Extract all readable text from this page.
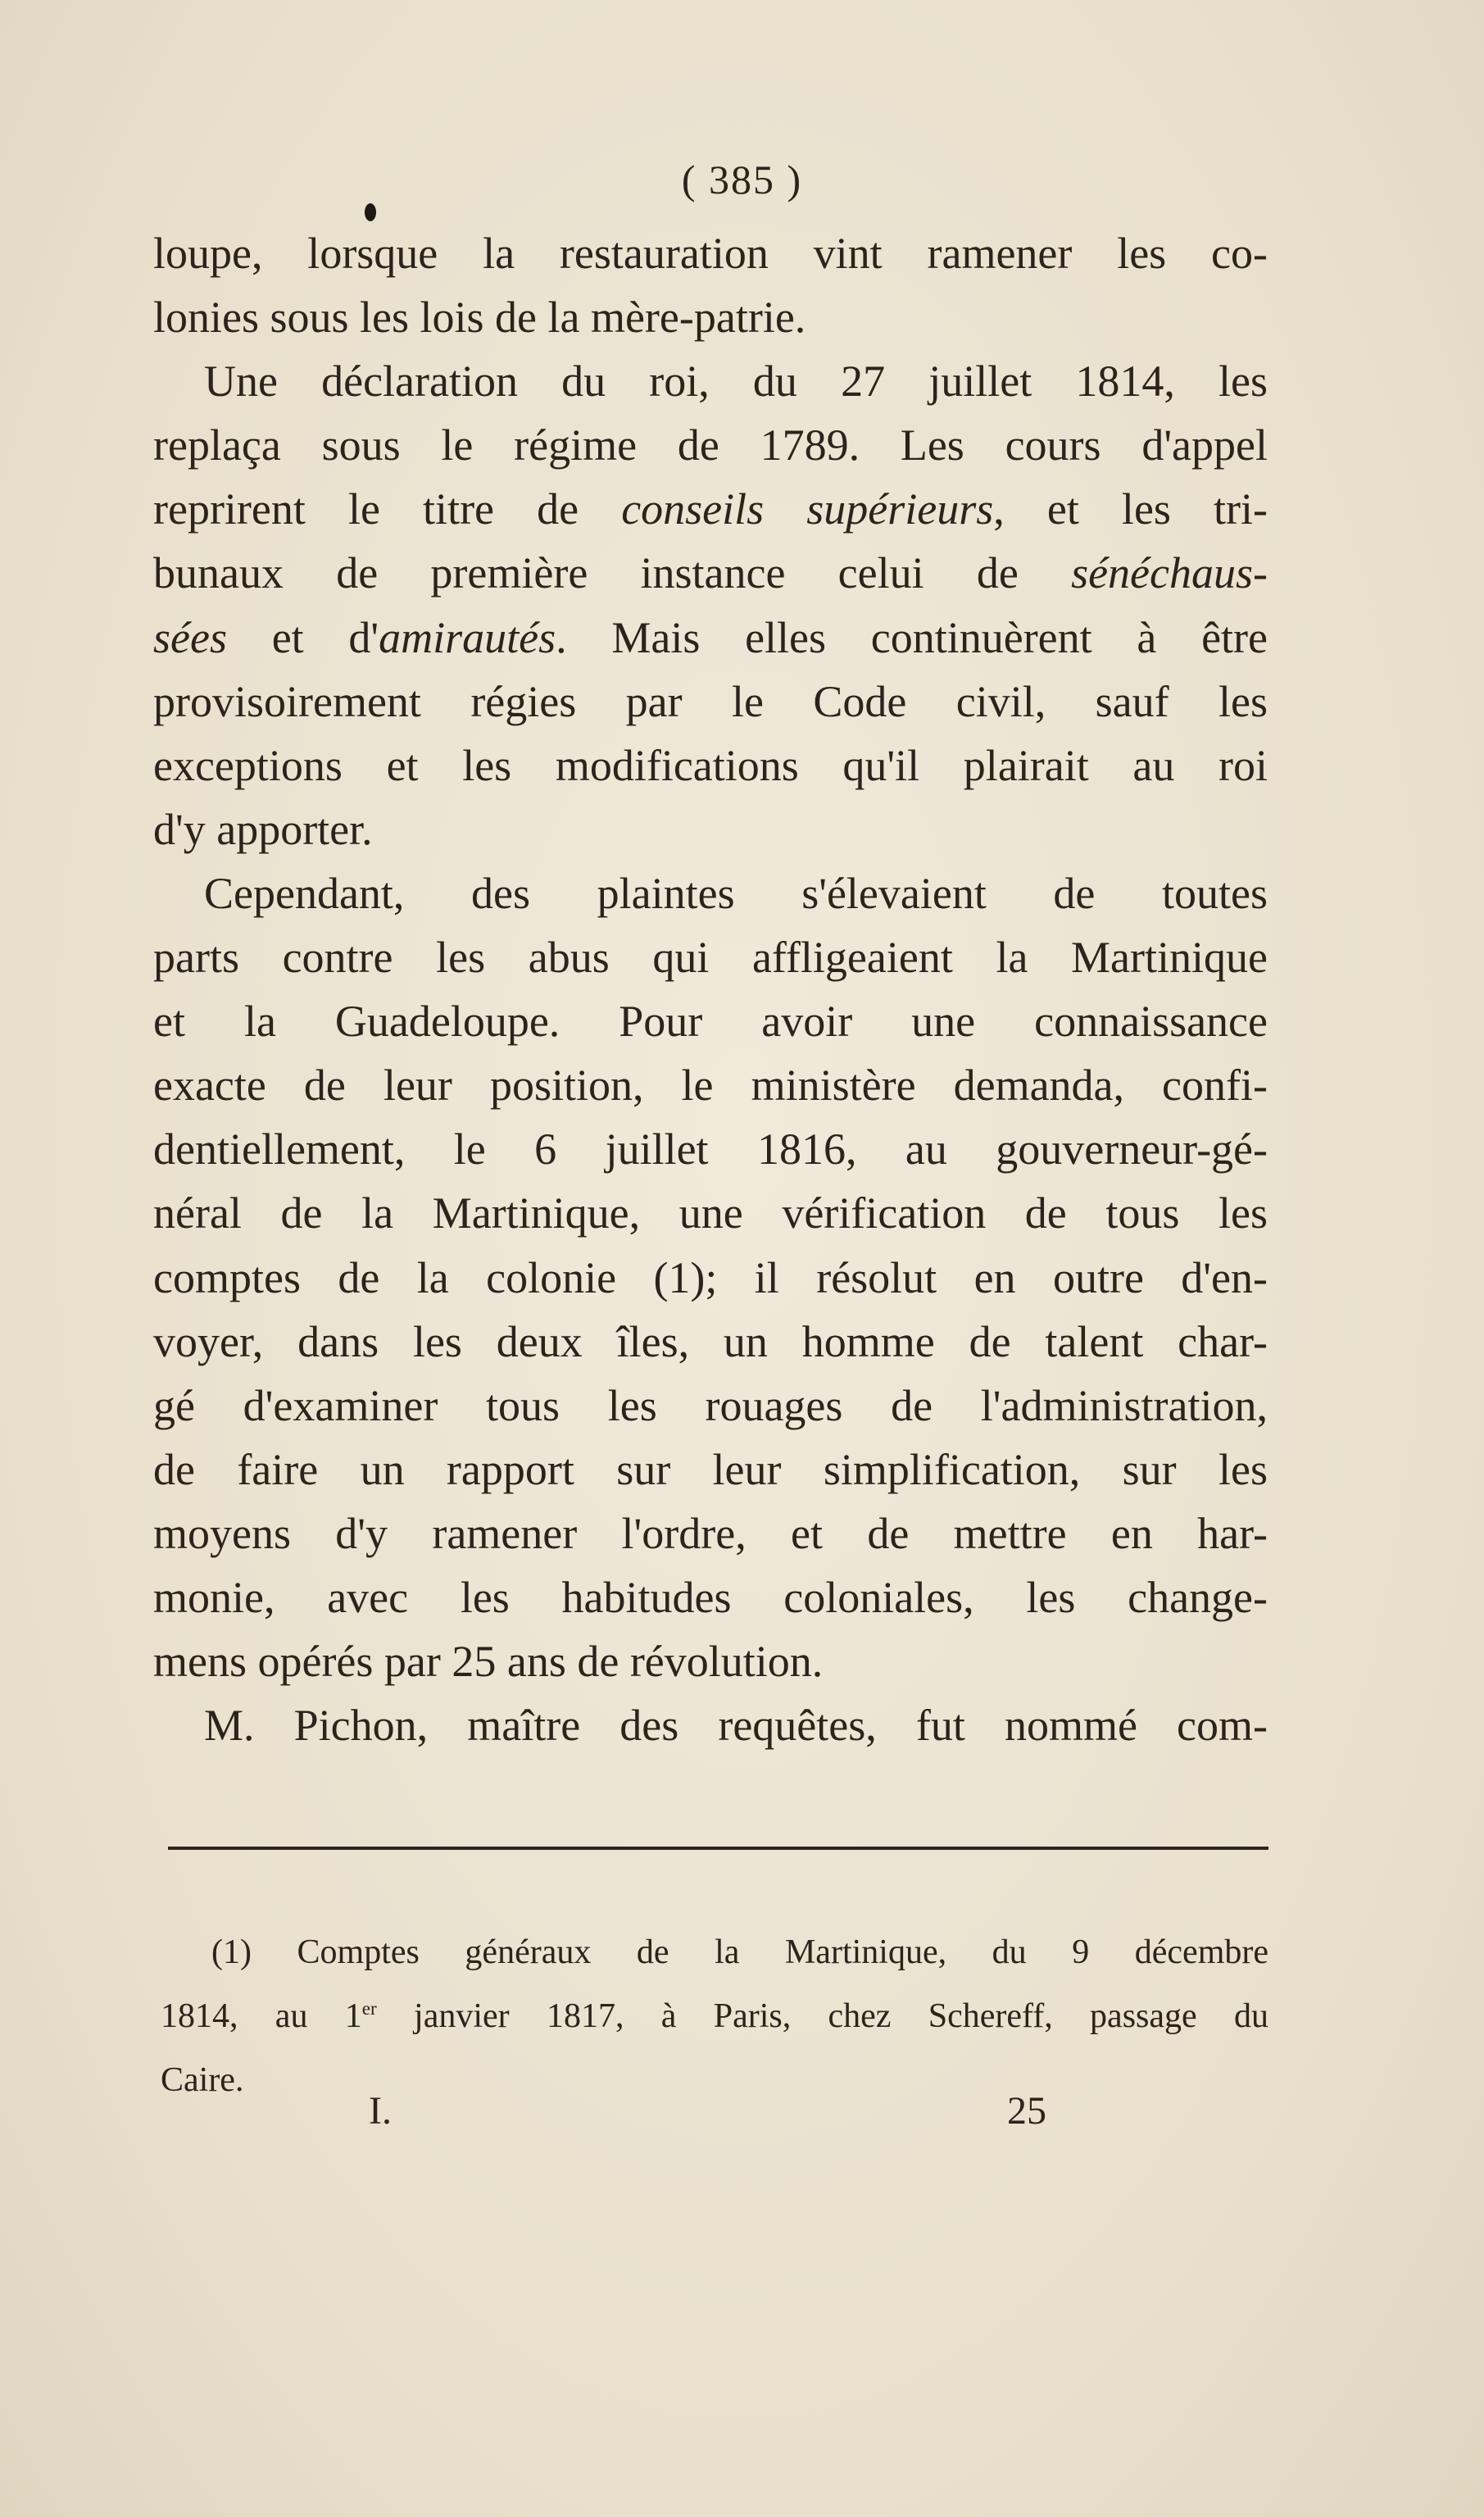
( 385 )
loupe, lorsque la restauration vint ramener les co-
lonies sous les lois de la mère-patrie.
Une déclaration du roi, du 27 juillet 1814, les
replaça sous le régime de 1789. Les cours d'appel
reprirent le titre de conseils supérieurs, et les tri-
bunaux de première instance celui de sénéchaus-
sées et d'amirautés. Mais elles continuèrent à être
provisoirement régies par le Code civil, sauf les
exceptions et les modifications qu'il plairait au roi
d'y apporter.
Cependant, des plaintes s'élevaient de toutes
parts contre les abus qui affligeaient la Martinique
et la Guadeloupe. Pour avoir une connaissance
exacte de leur position, le ministère demanda, confi-
dentiellement, le 6 juillet 1816, au gouverneur-gé-
néral de la Martinique, une vérification de tous les
comptes de la colonie (1); il résolut en outre d'en-
voyer, dans les deux îles, un homme de talent char-
gé d'examiner tous les rouages de l'administration,
de faire un rapport sur leur simplification, sur les
moyens d'y ramener l'ordre, et de mettre en har-
monie, avec les habitudes coloniales, les change-
mens opérés par 25 ans de révolution.
M. Pichon, maître des requêtes, fut nommé com-
(1) Comptes généraux de la Martinique, du 9 décembre
1814, au 1er janvier 1817, à Paris, chez Schereff, passage du
Caire.
I.	25
